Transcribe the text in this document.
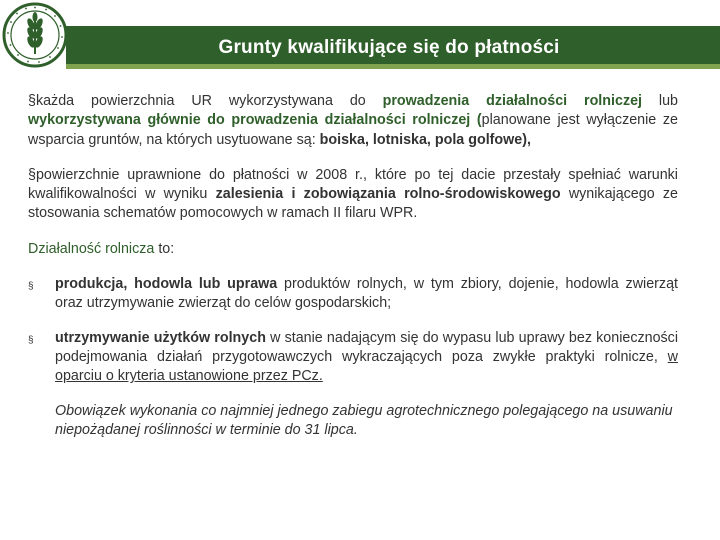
Grunty kwalifikujące się do płatności

§każda powierzchnia UR wykorzystywana do prowadzenia działalności rolniczej lub wykorzystywana głównie do prowadzenia działalności rolniczej (planowane jest wyłączenie ze wsparcia gruntów, na których usytuowane są: boiska, lotniska, pola golfowe),

§powierzchnie uprawnione do płatności w 2008 r., które po tej dacie przestały spełniać warunki kwalifikowalności w wyniku zalesienia i zobowiązania rolno-środowiskowego wynikającego ze stosowania schematów pomocowych w ramach II filaru WPR.

Działalność rolnicza to:

§	produkcja, hodowla lub uprawa produktów rolnych, w tym zbiory, dojenie, hodowla zwierząt oraz utrzymywanie zwierząt do celów gospodarskich;
§	utrzymywanie użytków rolnych w stanie nadającym się do wypasu lub uprawy bez konieczności podejmowania działań przygotowawczych wykraczających poza zwykłe praktyki rolnicze, w oparciu o kryteria ustanowione przez PCz.

Obowiązek wykonania co najmniej jednego zabiegu agrotechnicznego polegającego na usuwaniu niepożądanej roślinności w terminie do 31 lipca.
